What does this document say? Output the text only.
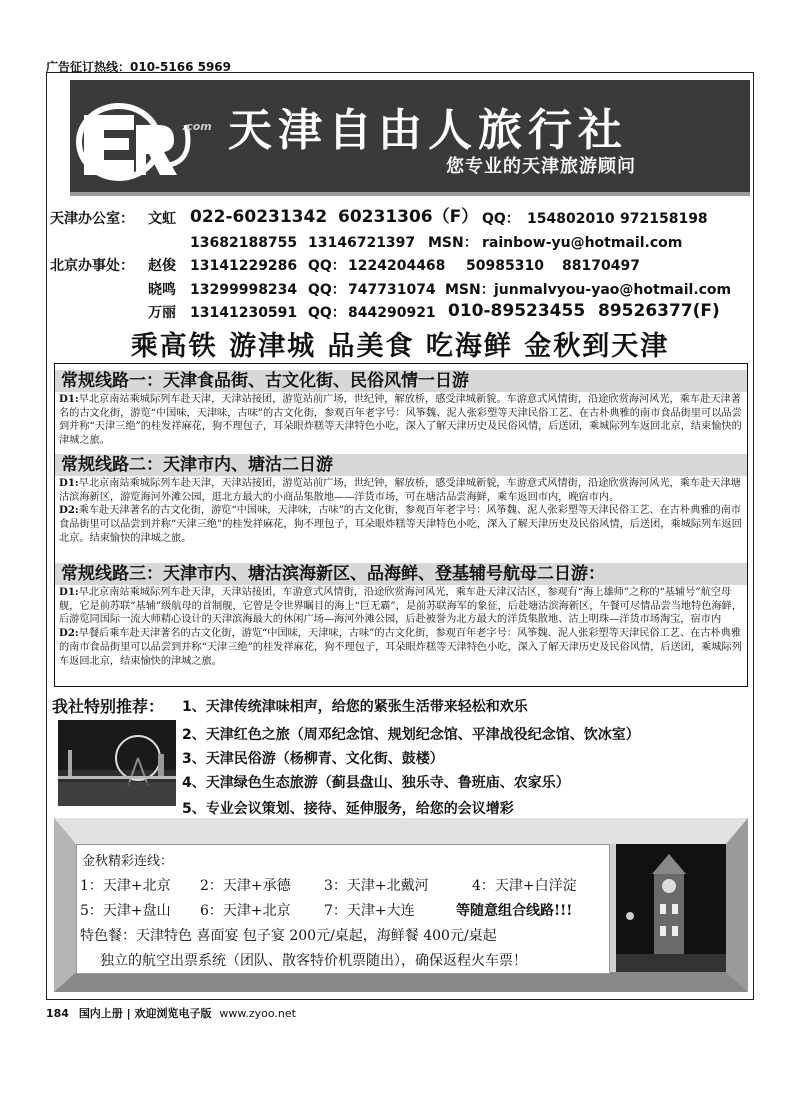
广告征订热线：010-5166 5969
.com 天津自由人旅行社
您专业的天津旅游顾问
天津办公室： 文虹 022-60231342 60231306（F） QQ： 154802010 972158198
13682188755 13146721397 MSN： rainbow-yu@hotmail.com
北京办事处： 赵俊 13141229286 QQ： 1224204468 50985310 88170497
晓鸣 13299998234 QQ： 747731074 MSN： junmalvyou-yao@hotmail.com
万丽 13141230591 QQ： 844290921 010-89523455 89526377(F)
乘高铁 游津城 品美食 吃海鲜 金秋到天津
常规线路一：天津食品街、古文化街、民俗风情一日游

D1:早北京南站乘城际列车赴天津，天津站接团，游览站前广场，世纪钟，解放桥，感受津城新貌。车游意式风情街，沿途欣赏海河风光，乘车赴天津著名的古文化街，游览“中国味，天津味，古味”的古文化街，参观百年老字号：风筝魏、泥人张彩塑等天津民俗工艺、在古朴典雅的南市食品街里可以品尝到并称“天津三绝”的桂发祥麻花，狗不理包子，耳朵眼炸糕等天津特色小吃，深入了解天津历史及民俗风情，后送团，乘城际列车返回北京，结束愉快的津城之旅。

常规线路二：天津市内、塘沽二日游

D1:早北京南站乘城际列车赴天津，天津站接团，游览站前广场，世纪钟，解放桥，感受津城新貌，车游意式风情街，沿途欣赏海河风光，乘车赴天津塘沽滨海新区，游览海河外滩公园，逛北方最大的小商品集散地——洋货市场，可在塘沽品尝海鲜，乘车返回市内，晚宿市内。

D2:乘车赴天津著名的古文化街，游览“中国味，天津味，古味”的古文化街，参观百年老字号：风筝魏、泥人张彩塑等天津民俗工艺、在古朴典雅的南市食品街里可以品尝到并称“天津三绝”的桂发祥麻花，狗不理包子，耳朵眼炸糕等天津特色小吃，深入了解天津历史及民俗风情，后送团，乘城际列车返回北京。结束愉快的津城之旅。

常规线路三：天津市内、塘沽滨海新区、品海鲜、登基辅号航母二日游：

D1:早北京南站乘城际列车赴天津，天津站接团，车游意式风情街，沿途欣赏海河风光，乘车赴天津汉沽区，参观有“海上雄师”之称的“基辅号”航空母舰，它是前苏联“基辅”级航母的首制舰，它曾是令世界瞩目的海上“巨无霸”，是前苏联海军的象征，后赴塘沽滨海新区，午餐可尽情品尝当地特色海鲜，后游览同国际一流大师精心设计的天津滨海最大的休闲广场—海河外滩公园，后赴被誉为北方最大的洋货集散地、沽上明珠—洋货市场淘宝，宿市内

D2:早餐后乘车赴天津著名的古文化街，游览“中国味，天津味，古味”的古文化街，参观百年老字号：风筝魏、泥人张彩塑等天津民俗工艺、在古朴典雅的南市食品街里可以品尝到并称“天津三绝”的桂发祥麻花，狗不理包子，耳朵眼炸糕等天津特色小吃，深入了解天津历史及民俗风情，后送团，乘城际列车返回北京，结束愉快的津城之旅。

我社特别推荐： 1、天津传统津味相声，给您的紧张生活带来轻松和欢乐
2、天津红色之旅（周邓纪念馆、规划纪念馆、平津战役纪念馆、饮冰室）
3、天津民俗游（杨柳青、文化街、鼓楼）
4、天津绿色生态旅游（蓟县盘山、独乐寺、鲁班庙、农家乐）
5、专业会议策划、接待、延伸服务，给您的会议增彩
金秋精彩连线：
1：天津+北京 2：天津+承德 3：天津+北戴河	4：天津+白洋淀
5：天津+盘山 6：天津+北京 7：天津+大连	等随意组合线路!!!
特色餐：天津特色 喜面宴 包子宴 200元/桌起，海鲜餐 400元/桌起
独立的航空出票系统（团队、散客特价机票随出），确保返程火车票！
184 国内上册 | 欢迎浏览电子版 www.zyoo.net
